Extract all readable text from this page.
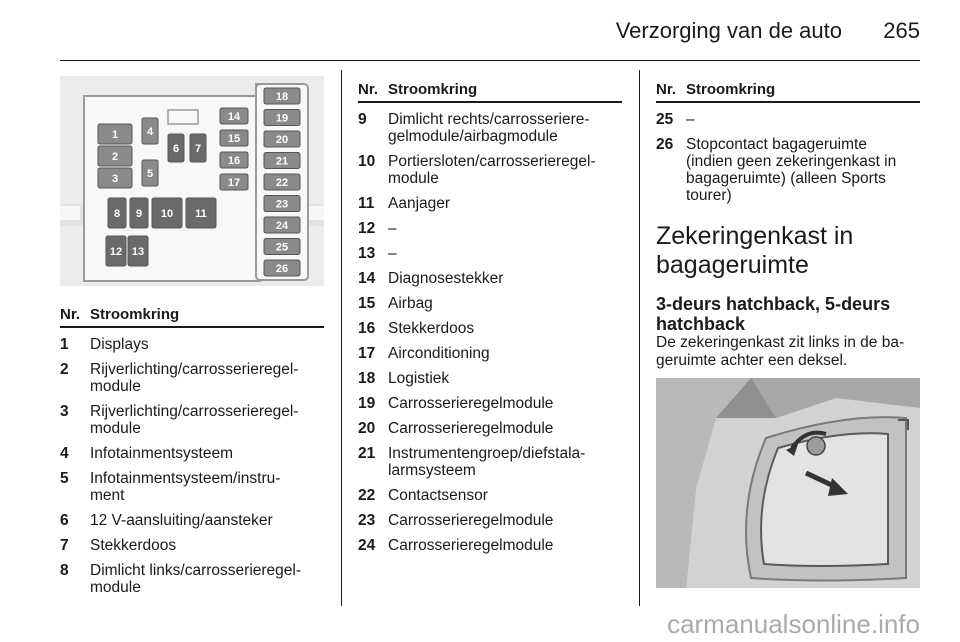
Verzorging van de auto 265
1
2
3
4
5
6 7
8 9 10 11
12 13
14
15
16
17
18
19
20
21
22
23
24
25
26
Nr. Stroomkring
1	Displays
2	Rijverlichting/carrosserieregel-
module
3	Rijverlichting/carrosserieregel-
module
4	Infotainmentsysteem
5	Infotainmentsysteem/instru-
ment
6	12 V-aansluiting/aansteker
7	Stekkerdoos
8	Dimlicht links/carrosserieregel-
module
Nr. Stroomkring
9	Dimlicht rechts/carrosseriere-
gelmodule/airbagmodule
10 Portiersloten/carrosserieregel-
module
11 Aanjager
12 –
13 –
14 Diagnosestekker
15 Airbag
16 Stekkerdoos
17 Airconditioning
18 Logistiek
19 Carrosserieregelmodule
20 Carrosserieregelmodule
21 Instrumentengroep/diefstala-
larmsysteem
22 Contactsensor
23 Carrosserieregelmodule
24 Carrosserieregelmodule
Nr. Stroomkring
25 –
26 Stopcontact bagageruimte
(indien geen zekeringenkast in
bagageruimte) (alleen Sports
tourer)
Zekeringenkast in
bagageruimte
3-deurs hatchback, 5-deurs
hatchback
De zekeringenkast zit links in de ba-
geruimte achter een deksel.
carmanualsonline.info
